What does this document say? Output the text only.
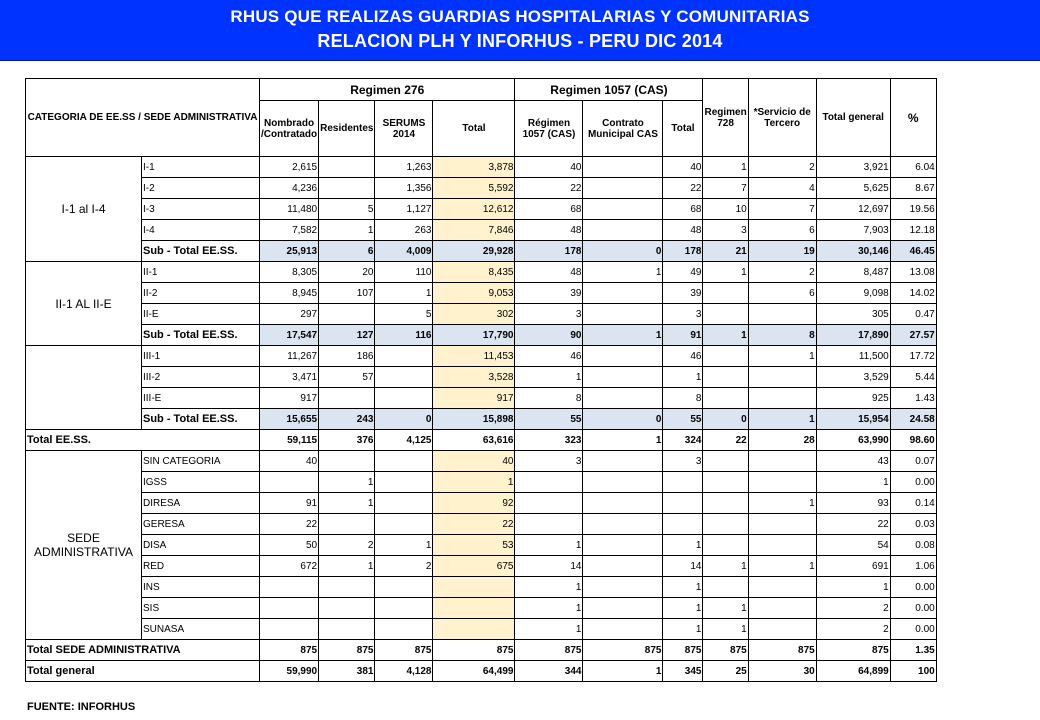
RHUS QUE REALIZAS GUARDIAS HOSPITALARIAS Y COMUNITARIAS
RELACION PLH Y INFORHUS - PERU DIC 2014
CATEGORIA DE EE.SS / SEDE ADMINISTRATIVA		Regimen 276				Regimen 1057 (CAS)			Regimen 728	*Servicio de Tercero	Total general	%
		Nombrado /Contratado	Residentes	SERUMS 2014	Total	Régimen 1057 (CAS)	Contrato Municipal CAS	Total				
I-1 al I-4	I-1	2,615		1,263	3,878	40		40	1	2	3,921	6.04
	I-2	4,236		1,356	5,592	22		22	7	4	5,625	8.67
	I-3	11,480	5	1,127	12,612	68		68	10	7	12,697	19.56
	I-4	7,582	1	263	7,846	48		48	3	6	7,903	12.18
	Sub - Total EE.SS.	25,913	6	4,009	29,928	178	0	178	21	19	30,146	46.45
II-1 AL II-E	II-1	8,305	20	110	8,435	48	1	49	1	2	8,487	13.08
	II-2	8,945	107	1	9,053	39		39		6	9,098	14.02
	II-E	297		5	302	3		3			305	0.47
	Sub - Total EE.SS.	17,547	127	116	17,790	90	1	91	1	8	17,890	27.57
	III-1	11,267	186		11,453	46		46		1	11,500	17.72
	III-2	3,471	57		3,528	1		1			3,529	5.44
	III-E	917			917	8		8			925	1.43
	Sub - Total EE.SS.	15,655	243	0	15,898	55	0	55	0	1	15,954	24.58
Total EE.SS.		59,115	376	4,125	63,616	323	1	324	22	28	63,990	98.60
SEDE ADMINISTRATIVA	SIN CATEGORIA	40			40	3		3			43	0.07
	IGSS		1		1						1	0.00
	DIRESA	91	1		92					1	93	0.14
	GERESA	22			22						22	0.03
	DISA	50	2	1	53	1		1			54	0.08
	RED	672	1	2	675	14		14	1	1	691	1.06
	INS					1		1			1	0.00
	SIS					1		1	1		2	0.00
	SUNASA					1		1	1		2	0.00
Total SEDE ADMINISTRATIVA		875	875	875	875	875	875	875	875	875	875	1.35
Total general		59,990	381	4,128	64,499	344	1	345	25	30	64,899	100
FUENTE: INFORHUS
